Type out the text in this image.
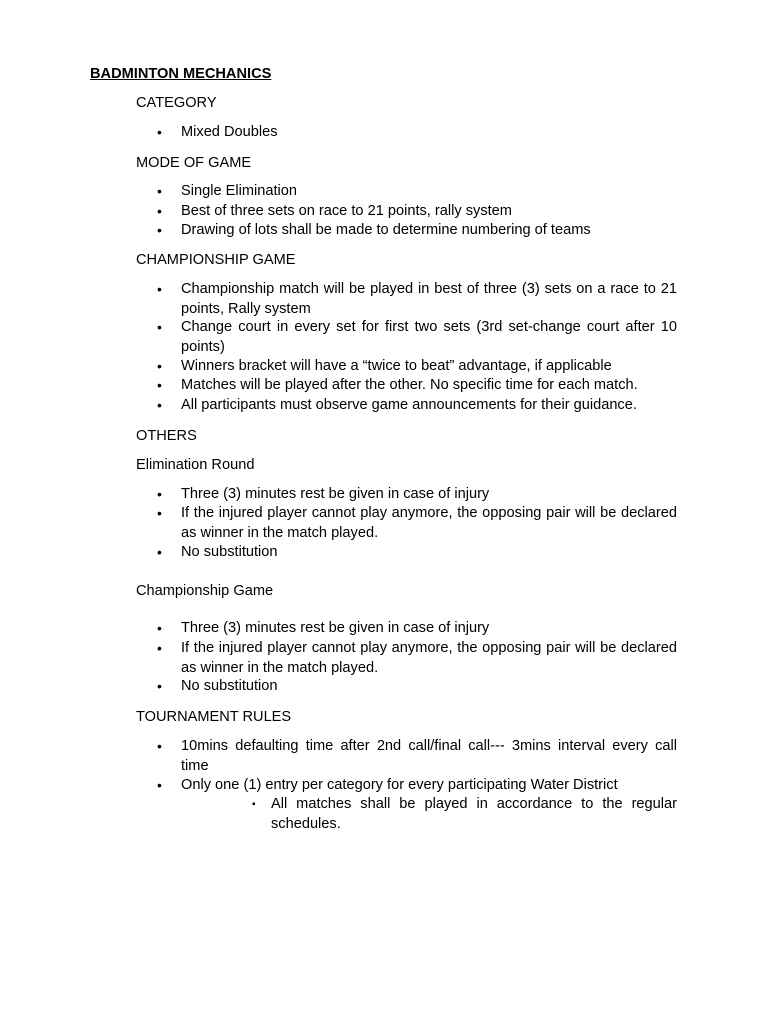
BADMINTON MECHANICS
CATEGORY
• Mixed Doubles
MODE OF GAME
• Single Elimination
• Best of three sets on race to 21 points, rally system
• Drawing of lots shall be made to determine numbering of teams
CHAMPIONSHIP GAME
• Championship match will be played in best of three (3) sets on a race to 21 points, Rally system
• Change court in every set for first two sets (3rd set-change court after 10 points)
• Winners bracket will have a “twice to beat” advantage, if applicable
• Matches will be played after the other. No specific time for each match.
• All participants must observe game announcements for their guidance.
OTHERS
Elimination Round
• Three (3) minutes rest be given in case of injury
• If the injured player cannot play anymore, the opposing pair will be declared as winner in the match played.
• No substitution
Championship Game
• Three (3) minutes rest be given in case of injury
• If the injured player cannot play anymore, the opposing pair will be declared as winner in the match played.
• No substitution
TOURNAMENT RULES
• 10mins defaulting time after 2nd call/final call--- 3mins interval every call time
• Only one (1) entry per category for every participating Water District
▪ All matches shall be played in accordance to the regular schedules.
